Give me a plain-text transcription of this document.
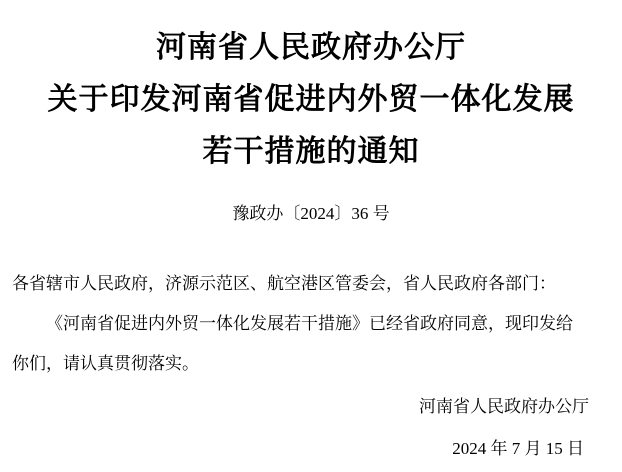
河南省人民政府办公厅
关于印发河南省促进内外贸一体化发展
若干措施的通知
豫政办〔2024〕36 号
各省辖市人民政府，济源示范区、航空港区管委会，省人民政府各部门：
《河南省促进内外贸一体化发展若干措施》已经省政府同意，现印发给
你们，请认真贯彻落实。
河南省人民政府办公厅
2024 年 7 月 15 日
